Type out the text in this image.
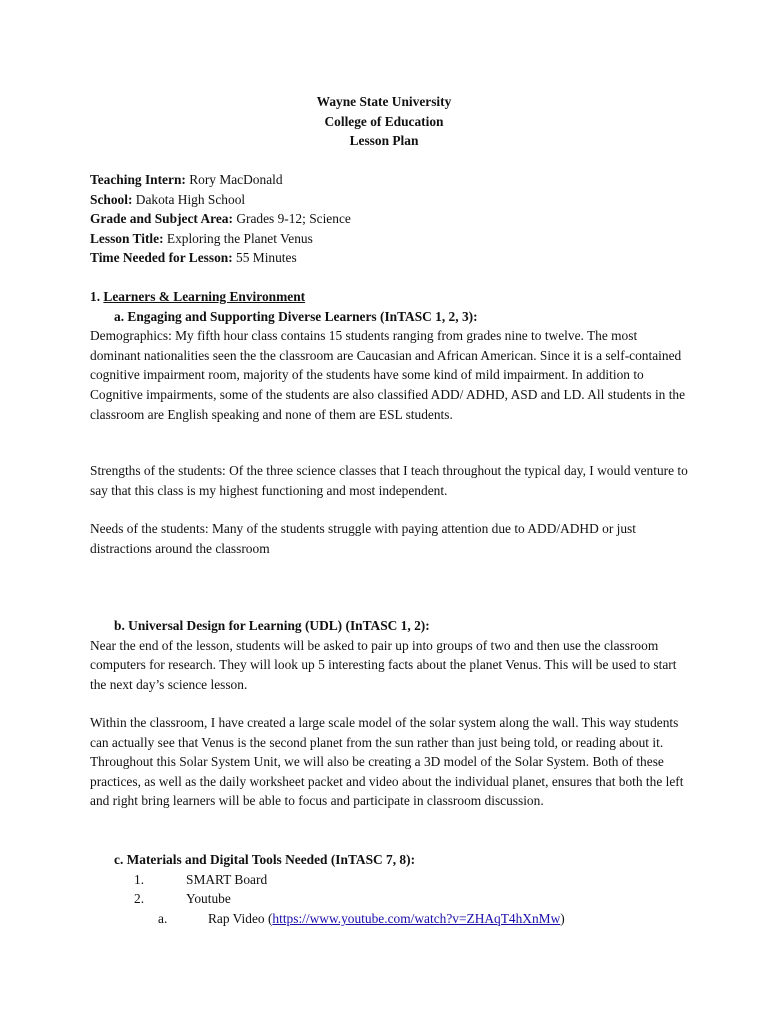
Wayne State University
College of Education
Lesson Plan

Teaching Intern: Rory MacDonald

School: Dakota High School

Grade and Subject Area: Grades 9-12; Science

Lesson Title: Exploring the Planet Venus

Time Needed for Lesson: 55 Minutes

1. Learners & Learning Environment

a. Engaging and Supporting Diverse Learners (InTASC 1, 2, 3):

Demographics: My fifth hour class contains 15 students ranging from grades nine to twelve. The most dominant nationalities seen the the classroom are Caucasian and African American. Since it is a self-contained cognitive impairment room, majority of the students have some kind of mild impairment. In addition to Cognitive impairments, some of the students are also classified ADD/ ADHD, ASD and LD. All students in the classroom are English speaking and none of them are ESL students.

Strengths of the students: Of the three science classes that I teach throughout the typical day, I would venture to say that this class is my highest functioning and most independent.

Needs of the students: Many of the students struggle with paying attention due to ADD/ADHD or just distractions around the classroom

b. Universal Design for Learning (UDL) (InTASC 1, 2):

Near the end of the lesson, students will be asked to pair up into groups of two and then use the classroom computers for research. They will look up 5 interesting facts about the planet Venus. This will be used to start the next day’s science lesson.

Within the classroom, I have created a large scale model of the solar system along the wall. This way students can actually see that Venus is the second planet from the sun rather than just being told, or reading about it. Throughout this Solar System Unit, we will also be creating a 3D model of the Solar System. Both of these practices, as well as the daily worksheet packet and video about the individual planet, ensures that both the left and right bring learners will be able to focus and participate in classroom discussion.

c. Materials and Digital Tools Needed (InTASC 7, 8):

1.	SMART Board
2.	Youtube
a.	Rap Video (https://www.youtube.com/watch?v=ZHAqT4hXnMw)
